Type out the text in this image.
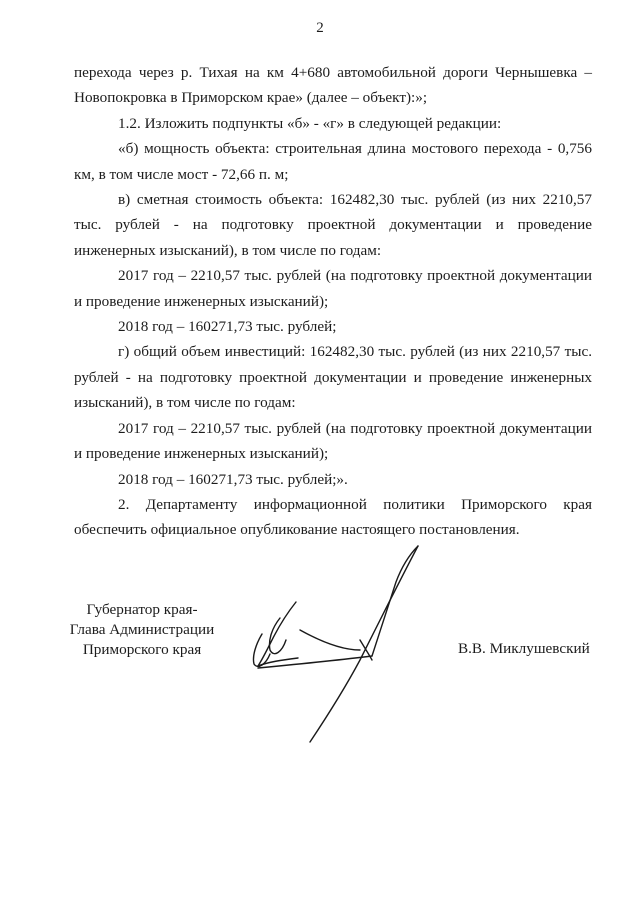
2

перехода через р. Тихая на км 4+680 автомобильной дороги Чернышевка – Новопокровка в Приморском крае» (далее – объект):»;

1.2. Изложить подпункты «б» - «г» в следующей редакции:

«б) мощность объекта: строительная длина мостового перехода - 0,756 км, в том числе мост - 72,66 п. м;

в) сметная стоимость объекта: 162482,30 тыс. рублей (из них 2210,57 тыс. рублей - на подготовку проектной документации и проведение инженерных изысканий), в том числе по годам:

2017 год – 2210,57 тыс. рублей (на подготовку проектной документации и проведение инженерных изысканий);

2018 год – 160271,73 тыс. рублей;

г) общий объем инвестиций: 162482,30 тыс. рублей (из них 2210,57 тыс. рублей - на подготовку проектной документации и проведение инженерных изысканий), в том числе по годам:

2017 год – 2210,57 тыс. рублей (на подготовку проектной документации и проведение инженерных изысканий);

2018 год – 160271,73 тыс. рублей;».

2. Департаменту информационной политики Приморского края обеспечить официальное опубликование настоящего постановления.

Губернатор края-
Глава Администрации
Приморского края	В.В. Миклушевский
